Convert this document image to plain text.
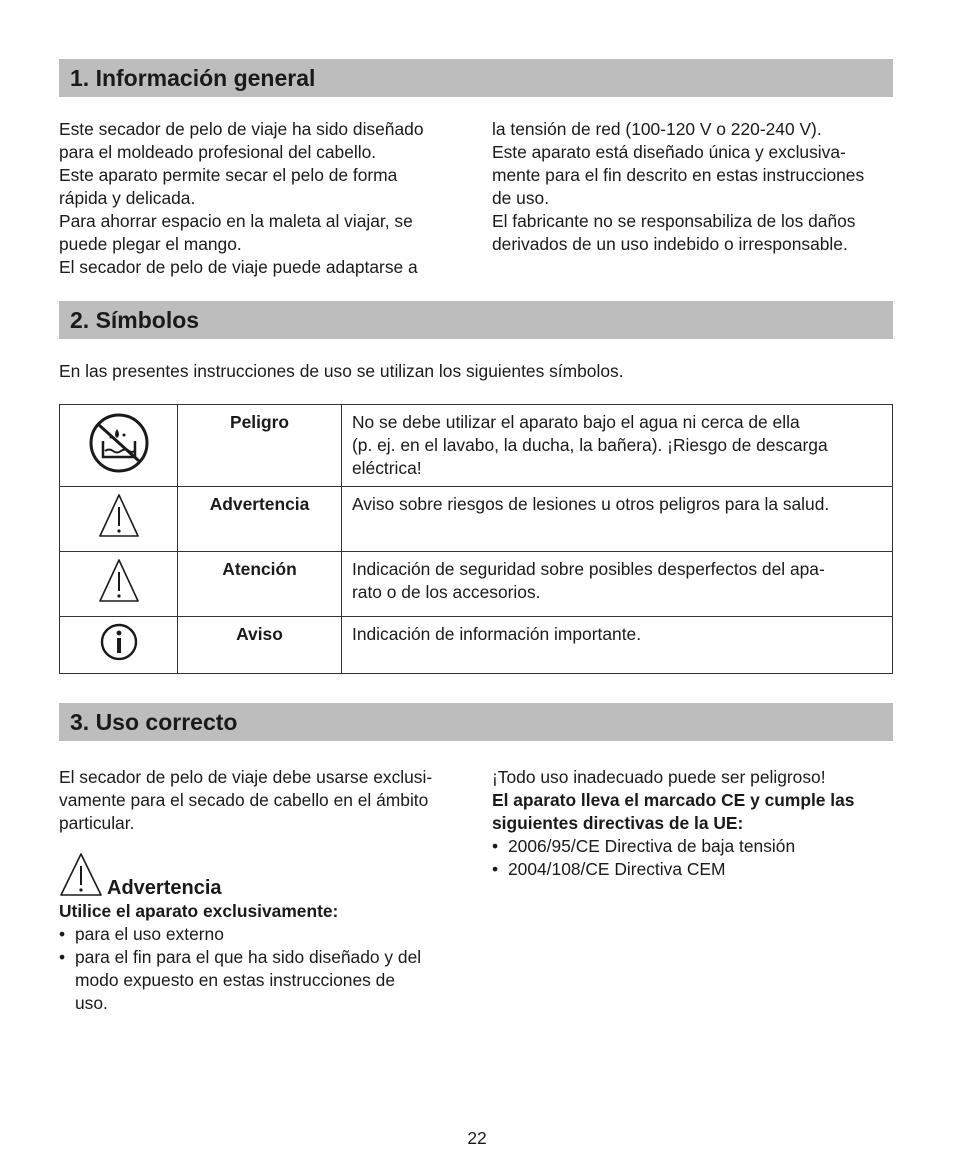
1. Información general

Este secador de pelo de viaje ha sido diseñado

para el moldeado profesional del cabello.

Este aparato permite secar el pelo de forma

rápida y delicada.

Para ahorrar espacio en la maleta al viajar, se

puede plegar el mango.

El secador de pelo de viaje puede adaptarse a

la tensión de red (100-120 V o 220-240 V).

Este aparato está diseñado única y exclusiva-

mente para el fin descrito en estas instrucciones

de uso.

El fabricante no se responsabiliza de los daños

derivados de un uso indebido o irresponsable.

2. Símbolos
En las presentes instrucciones de uso se utilizan los siguientes símbolos.
	Peligro	No se debe utilizar el aparato bajo el agua ni cerca de ella
(p. ej. en el lavabo, la ducha, la bañera). ¡Riesgo de descarga
eléctrica!

	Advertencia	Aviso sobre riesgos de lesiones u otros peligros para la salud.

	Atención	Indicación de seguridad sobre posibles desperfectos del apa-
rato o de los accesorios.

	Aviso	Indicación de información importante.
3. Uso correcto

El secador de pelo de viaje debe usarse exclusi-

vamente para el secado de cabello en el ámbito

particular.

Advertencia

Utilice el aparato exclusivamente:

• para el uso externo
• para el fin para el que ha sido diseñado y del
modo expuesto en estas instrucciones de
uso.

¡Todo uso inadecuado puede ser peligroso!

El aparato lleva el marcado CE y cumple las

siguientes directivas de la UE:

• 2006/95/CE Directiva de baja tensión
• 2004/108/CE Directiva CEM
22
